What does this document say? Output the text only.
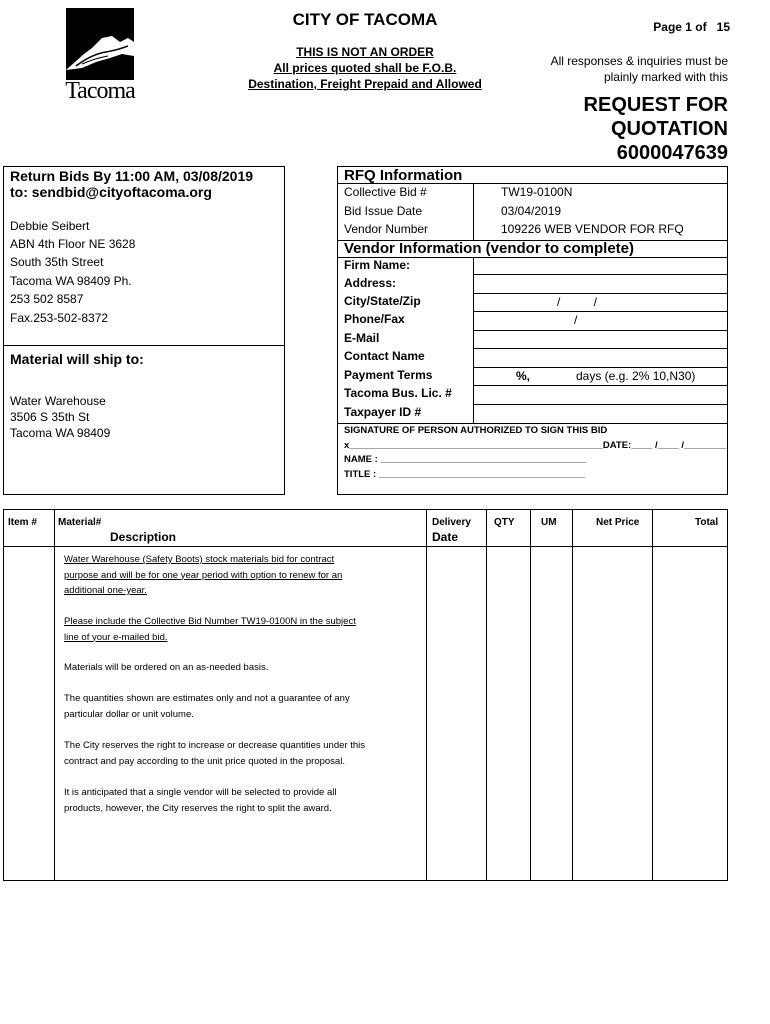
Tacoma
CITY OF TACOMA
THIS IS NOT AN ORDER
All prices quoted shall be F.O.B.
Destination, Freight Prepaid and Allowed
Page 1 of 15
All responses & inquiries must be
plainly marked with this
REQUEST FOR
QUOTATION
6000047639
Return Bids By 11:00 AM, 03/08/2019
to: sendbid@cityoftacoma.org
Debbie Seibert
ABN 4th Floor NE 3628
South 35th Street
Tacoma WA 98409 Ph.
253 502 8587
Fax.253-502-8372
Material will ship to:
Water Warehouse
3506 S 35th St
Tacoma WA 98409
RFQ Information
Collective Bid #	TW19-0100N
Bid Issue Date	03/04/2019
Vendor Number	109226 WEB VENDOR FOR RFQ
Vendor Information (vendor to complete)
Firm Name:
Address:
City/State/Zip	/          /
Phone/Fax	/
E-Mail
Contact Name
Payment Terms	%,	days (e.g. 2% 10,N30)
Tacoma Bus. Lic. #
Taxpayer ID #
SIGNATURE OF PERSON AUTHORIZED TO SIGN THIS BID
x________________________________________________DATE:____ /____ /________
NAME : _______________________________________
TITLE : _______________________________________
Item # Material#
Description
Delivery
Date
QTY	UM	Net Price	Total
Water Warehouse (Safety Boots) stock materials bid for contract
purpose and will be for one year period with option to renew for an
additional one-year.
Please include the Collective Bid Number TW19-0100N in the subject
line of your e-mailed bid.
Materials will be ordered on an as-needed basis.
The quantities shown are estimates only and not a guarantee of any
particular dollar or unit volume.
The City reserves the right to increase or decrease quantities under this
contract and pay according to the unit price quoted in the proposal.
It is anticipated that a single vendor will be selected to provide all
products, however, the City reserves the right to split the award.
